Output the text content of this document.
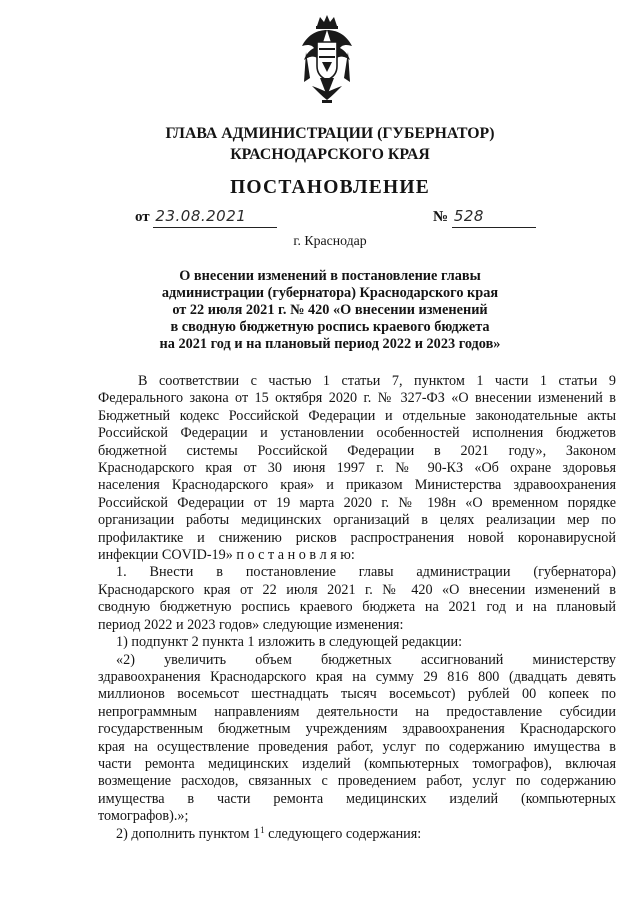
ГЛАВА АДМИНИСТРАЦИИ (ГУБЕРНАТОР)
КРАСНОДАРСКОГО КРАЯ
ПОСТАНОВЛЕНИЕ
от 23.08.2021	№ 528
г. Краснодар
О внесении изменений в постановление главы
администрации (губернатора) Краснодарского края
от 22 июля 2021 г. № 420 «О внесении изменений
в сводную бюджетную роспись краевого бюджета
на 2021 год и на плановый период 2022 и 2023 годов»
В соответствии с частью 1 статьи 7, пунктом 1 части 1 статьи 9
Федерального закона от 15 октября 2020 г. № 327-ФЗ «О внесении изменений в
Бюджетный кодекс Российской Федерации и отдельные законодательные акты
Российской Федерации и установлении особенностей исполнения бюджетов
бюджетной системы Российской Федерации в 2021 году», Законом
Краснодарского края от 30 июня 1997 г. № 90-КЗ «Об охране здоровья
населения Краснодарского края» и приказом Министерства здравоохранения
Российской Федерации от 19 марта 2020 г. № 198н «О временном порядке
организации работы медицинских организаций в целях реализации мер по
профилактике и снижению рисков распространения новой коронавирусной
инфекции COVID-19» п о с т а н о в л я ю:
1. Внести в постановление главы администрации (губернатора)
Краснодарского края от 22 июля 2021 г. № 420 «О внесении изменений в
сводную бюджетную роспись краевого бюджета на 2021 год и на плановый
период 2022 и 2023 годов» следующие изменения:
1) подпункт 2 пункта 1 изложить в следующей редакции:
«2) увеличить объем бюджетных ассигнований министерству
здравоохранения Краснодарского края на сумму 29 816 800 (двадцать девять
миллионов восемьсот шестнадцать тысяч восемьсот) рублей 00 копеек по
непрограммным направлениям деятельности на предоставление субсидии
государственным бюджетным учреждениям здравоохранения Краснодарского
края на осуществление проведения работ, услуг по содержанию имущества в
части ремонта медицинских изделий (компьютерных томографов), включая
возмещение расходов, связанных с проведением работ, услуг по содержанию
имущества в части ремонта медицинских изделий (компьютерных
томографов).»;
2) дополнить пунктом $1^1$ следующего содержания:
